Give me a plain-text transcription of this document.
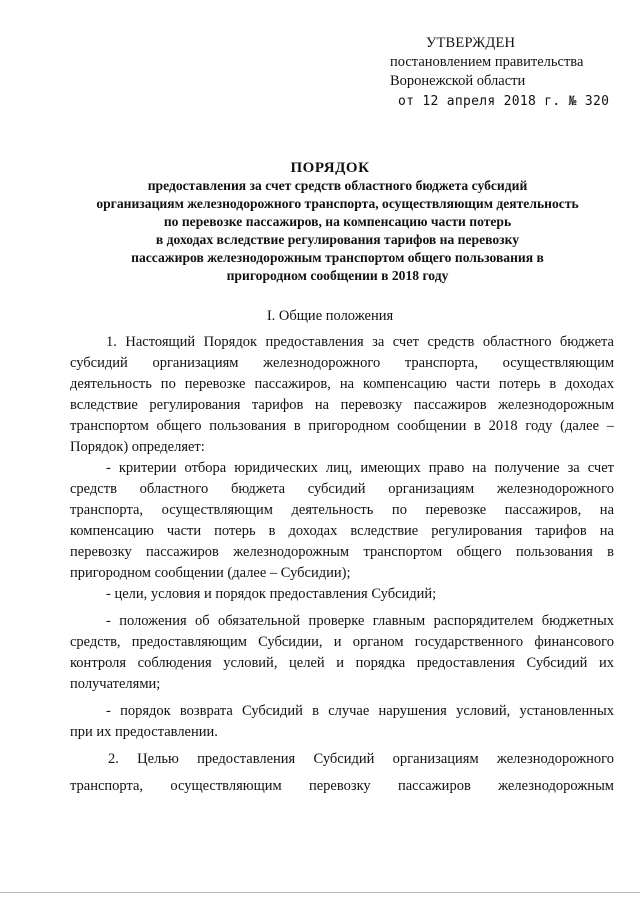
УТВЕРЖДЕН
постановлением правительства
Воронежской области
от 12 апреля 2018 г. № 320
ПОРЯДОК
предоставления за счет средств областного бюджета субсидий
организациям железнодорожного транспорта, осуществляющим деятельность
по перевозке пассажиров, на компенсацию части потерь
в доходах вследствие регулирования тарифов на перевозку
пассажиров железнодорожным транспортом общего пользования в
пригородном сообщении в 2018 году
I. Общие положения
1. Настоящий Порядок предоставления за счет средств областного бюджета
субсидий организациям железнодорожного транспорта, осуществляющим
деятельность по перевозке пассажиров, на компенсацию части потерь в доходах
вследствие регулирования тарифов на перевозку пассажиров железнодорожным
транспортом общего пользования в пригородном сообщении в 2018 году (далее –
Порядок) определяет:
- критерии отбора юридических лиц, имеющих право на получение за счет
средств областного бюджета субсидий организациям железнодорожного
транспорта, осуществляющим деятельность по перевозке пассажиров, на
компенсацию части потерь в доходах вследствие регулирования тарифов на
перевозку пассажиров железнодорожным транспортом общего пользования в
пригородном сообщении (далее – Субсидии);
- цели, условия и порядок предоставления Субсидий;
- положения об обязательной проверке главным распорядителем бюджетных
средств, предоставляющим Субсидии, и органом государственного финансового
контроля соблюдения условий, целей и порядка предоставления Субсидий их
получателями;
- порядок возврата Субсидий в случае нарушения условий, установленных
при их предоставлении.
2. Целью предоставления Субсидий организациям железнодорожного
транспорта, осуществляющим перевозку пассажиров железнодорожным
